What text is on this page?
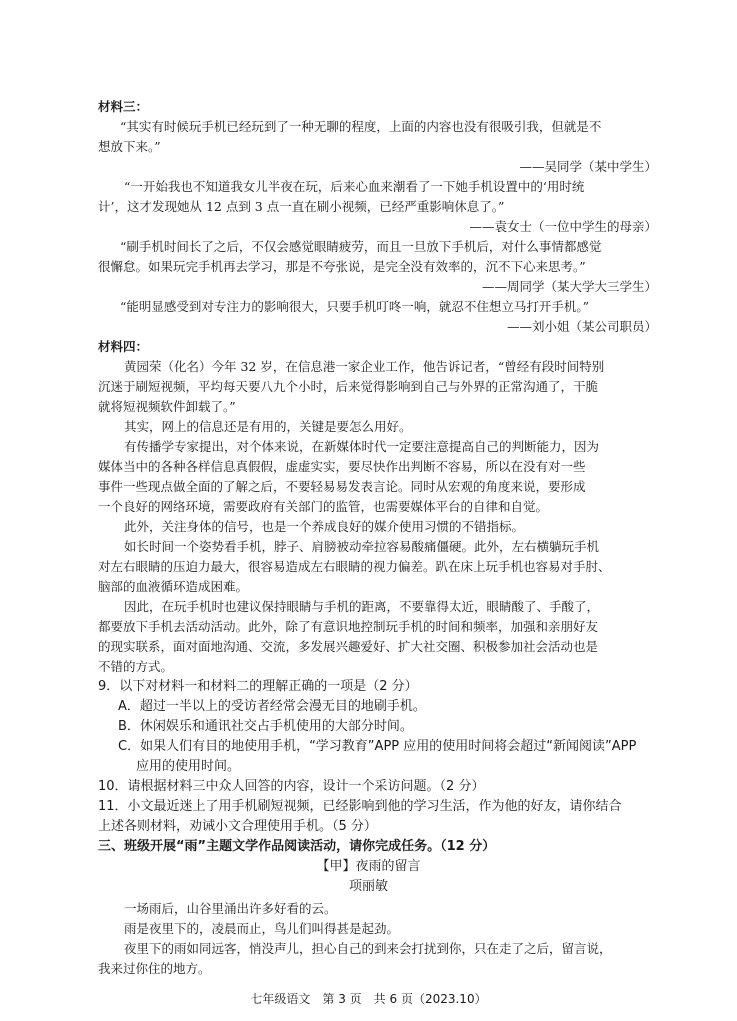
材料三：
“其实有时候玩手机已经玩到了一种无聊的程度，上面的内容也没有很吸引我，但就是不
想放下来。”
——吴同学（某中学生）
“一开始我也不知道我女儿半夜在玩，后来心血来潮看了一下她手机设置中的‘用时统
计’，这才发现她从 12 点到 3 点一直在刷小视频，已经严重影响休息了。”
——袁女士（一位中学生的母亲）
“刷手机时间长了之后，不仅会感觉眼睛疲劳，而且一旦放下手机后，对什么事情都感觉
很懈怠。如果玩完手机再去学习，那是不夸张说，是完全没有效率的，沉不下心来思考。”
——周同学（某大学大三学生）
“能明显感受到对专注力的影响很大，只要手机叮咚一响，就忍不住想立马打开手机。”
——刘小姐（某公司职员）
材料四：
黄园荣（化名）今年 32 岁，在信息港一家企业工作，他告诉记者，“曾经有段时间特别
沉迷于刷短视频，平均每天要八九个小时，后来觉得影响到自己与外界的正常沟通了，干脆
就将短视频软件卸载了。”
其实，网上的信息还是有用的，关键是要怎么用好。
有传播学专家提出，对个体来说，在新媒体时代一定要注意提高自己的判断能力，因为
媒体当中的各种各样信息真假假，虚虚实实，要尽快作出判断不容易，所以在没有对一些
事件一些现点做全面的了解之后，不要轻易易发表言论。同时从宏观的角度来说，要形成
一个良好的网络环境，需要政府有关部门的监管，也需要媒体平台的自律和自觉。
此外，关注身体的信号，也是一个养成良好的媒介使用习惯的不错指标。
如长时间一个姿势看手机，脖子、肩膀被动牵拉容易酸痛僵硬。此外，左右横躺玩手机
对左右眼睛的压迫力最大，很容易造成左右眼睛的视力偏差。趴在床上玩手机也容易对手肘、
脑部的血液循环造成困难。
因此，在玩手机时也建议保持眼睛与手机的距离，不要靠得太近，眼睛酸了、手酸了，
都要放下手机去活动活动。此外，除了有意识地控制玩手机的时间和频率，加强和亲朋好友
的现实联系，面对面地沟通、交流，多发展兴趣爱好、扩大社交圈、积极参加社会活动也是
不错的方式。
9．以下对材料一和材料二的理解正确的一项是（2 分）
A．超过一半以上的受访者经常会漫无目的地刷手机。
B．休闲娱乐和通讯社交占手机使用的大部分时间。
C．如果人们有目的地使用手机，“学习教育”APP 应用的使用时间将会超过“新闻阅读”APP
应用的使用时间。
10．请根据材料三中众人回答的内容，设计一个采访问题。（2 分）
11．小文最近迷上了用手机刷短视频，已经影响到他的学习生活，作为他的好友，请你结合
上述各则材料，劝诫小文合理使用手机。（5 分）
三、班级开展“雨”主题文学作品阅读活动，请你完成任务。（12 分）
【甲】夜雨的留言
项丽敏
一场雨后，山谷里涌出许多好看的云。
雨是夜里下的，凌晨而止，鸟儿们叫得甚是起劲。
夜里下的雨如同远客，悄没声儿，担心自己的到来会打扰到你，只在走了之后，留言说，
我来过你住的地方。
七年级语文　第 3 页　共 6 页（2023.10）
